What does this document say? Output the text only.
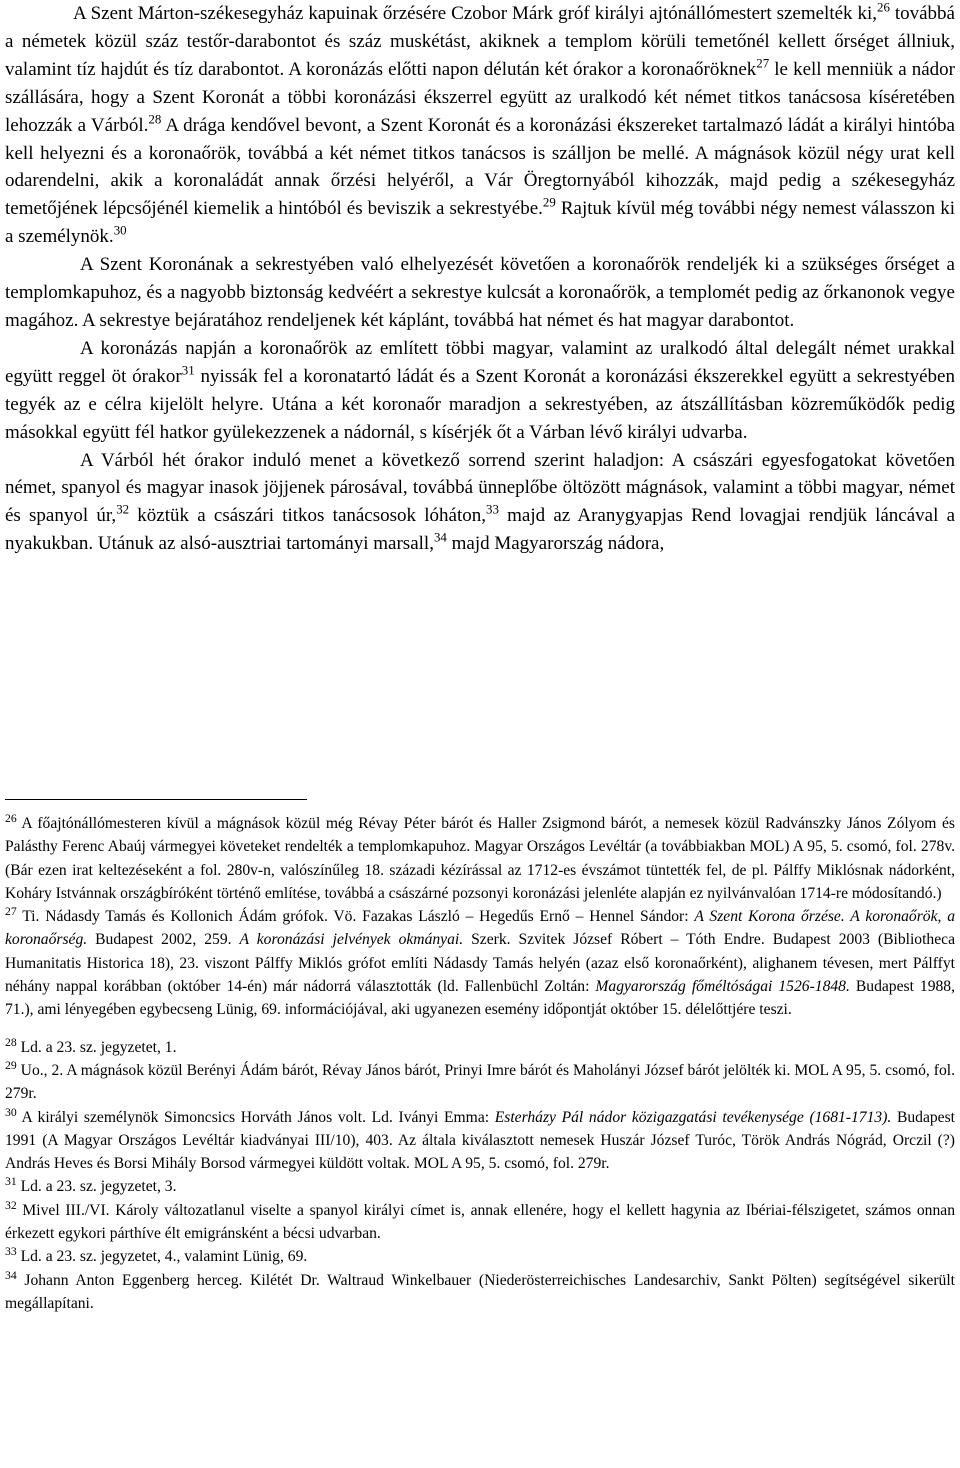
A Szent Márton-székesegyház kapuinak őrzésére Czobor Márk gróf királyi ajtónállómestert szemelték ki,$^{26}$ továbbá a németek közül száz testőr-darabontot és száz muskétást, akiknek a templom körüli temetőnél kellett őrséget állniuk, valamint tíz hajdút és tíz darabontot. A koronázás előtti napon délután két órakor a koronaőröknek$^{27}$ le kell menniük a nádor szállására, hogy a Szent Koronát a többi koronázási ékszerrel együtt az uralkodó két német titkos tanácsosa kíséretében lehozzák a Várból.$^{28}$ A drága kendővel bevont, a Szent Koronát és a koronázási ékszereket tartalmazó ládát a királyi hintóba kell helyezni és a koronaőrök, továbbá a két német titkos tanácsos is szálljon be mellé. A mágnások közül négy urat kell odarendelni, akik a koronaládát annak őrzési helyéről, a Vár Öregtornyából kihozzák, majd pedig a székesegyház temetőjének lépcsőjénél kiemelik a hintóból és beviszik a sekrestyébe.$^{29}$ Rajtuk kívül még további négy nemest válasszon ki a személynök.$^{30}$

A Szent Koronának a sekrestyében való elhelyezését követően a koronaőrök rendeljék ki a szükséges őrséget a templomkapuhoz, és a nagyobb biztonság kedvéért a sekrestye kulcsát a koronaőrök, a templomét pedig az őrkanonok vegye magához. A sekrestye bejáratához rendeljenek két káplánt, továbbá hat német és hat magyar darabontot.

A koronázás napján a koronaőrök az említett többi magyar, valamint az uralkodó által delegált német urakkal együtt reggel öt órakor$^{31}$ nyissák fel a koronatartó ládát és a Szent Koronát a koronázási ékszerekkel együtt a sekrestyében tegyék az e célra kijelölt helyre. Utána a két koronaőr maradjon a sekrestyében, az átszállításban közreműködők pedig másokkal együtt fél hatkor gyülekezzenek a nádornál, s kísérjék őt a Várban lévő királyi udvarba.

A Várból hét órakor induló menet a következő sorrend szerint haladjon: A császári egyesfogatokat követően német, spanyol és magyar inasok jöjjenek párosával, továbbá ünneplőbe öltözött mágnások, valamint a többi magyar, német és spanyol úr,$^{32}$ köztük a császári titkos tanácsosok lóháton,$^{33}$ majd az Aranygyapjas Rend lovagjai rendjük láncával a nyakukban. Utánuk az alsó-ausztriai tartományi marsall,$^{34}$ majd Magyarország nádora,

$^{26}$ A főajtónállómesteren kívül a mágnások közül még Révay Péter bárót és Haller Zsigmond bárót, a nemesek közül Radvánszky János Zólyom és Palásthy Ferenc Abaúj vármegyei követeket rendelték a templomkapuhoz. Magyar Országos Levéltár (a továbbiakban MOL) A 95, 5. csomó, fol. 278v. (Bár ezen irat keltezéseként a fol. 280v-n, valószínűleg 18. századi kézírással az 1712-es évszámot tüntették fel, de pl. Pálffy Miklósnak nádorként, Koháry Istvánnak országbíróként történő említése, továbbá a császárné pozsonyi koronázási jelenléte alapján ez nyilvánvalóan 1714-re módosítandó.)

$^{27}$ Ti. Nádasdy Tamás és Kollonich Ádám grófok. Vö. Fazakas László – Hegedűs Ernő – Hennel Sándor: A Szent Korona őrzése. A koronaőrök, a koronaőrség. Budapest 2002, 259. A koronázási jelvények okmányai. Szerk. Szvitek József Róbert – Tóth Endre. Budapest 2003 (Bibliotheca Humanitatis Historica 18), 23. viszont Pálffy Miklós grófot említi Nádasdy Tamás helyén (azaz első koronaőrként), alighanem tévesen, mert Pálffyt néhány nappal korábban (október 14-én) már nádorrá választották (ld. Fallenbüchl Zoltán: Magyarország főméltóságai 1526-1848. Budapest 1988, 71.), ami lényegében egybecseng Lünig, 69. információjával, aki ugyanezen esemény időpontját október 15. délelőttjére teszi.

$^{28}$ Ld. a 23. sz. jegyzetet, 1.

$^{29}$ Uo., 2. A mágnások közül Berényi Ádám bárót, Révay János bárót, Prinyi Imre bárót és Maholányi József bárót jelölték ki. MOL A 95, 5. csomó, fol. 279r.

$^{30}$ A királyi személynök Simoncsics Horváth János volt. Ld. Iványi Emma: Esterházy Pál nádor közigazgatási tevékenysége (1681-1713). Budapest 1991 (A Magyar Országos Levéltár kiadványai III/10), 403. Az általa kiválasztott nemesek Huszár József Turóc, Török András Nógrád, Orczil (?) András Heves és Borsi Mihály Borsod vármegyei küldött voltak. MOL A 95, 5. csomó, fol. 279r.

$^{31}$ Ld. a 23. sz. jegyzetet, 3.

$^{32}$ Mivel III./VI. Károly változatlanul viselte a spanyol királyi címet is, annak ellenére, hogy el kellett hagynia az Ibériai-félszigetet, számos onnan érkezett egykori párthíve élt emigránsként a bécsi udvarban.

$^{33}$ Ld. a 23. sz. jegyzetet, 4., valamint Lünig, 69.

$^{34}$ Johann Anton Eggenberg herceg. Kilétét Dr. Waltraud Winkelbauer (Niederösterreichisches Landesarchiv, Sankt Pölten) segítségével sikerült megállapítani.
